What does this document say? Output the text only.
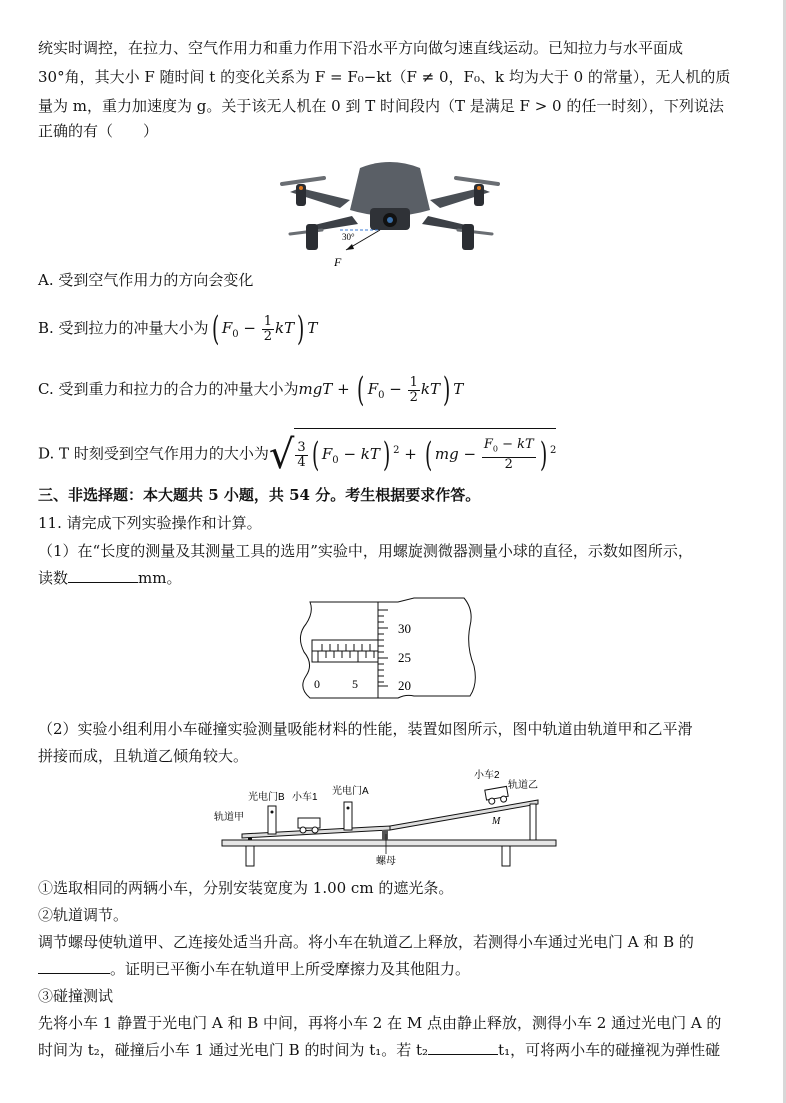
统实时调控，在拉力、空气作用力和重力作用下沿水平方向做匀速直线运动。已知拉力与水平面成
30°角，其大小 F 随时间 t 的变化关系为 F = F₀−kt（F ≠ 0，F₀、k 均为大于 0 的常量），无人机的质
量为 m，重力加速度为 g。关于该无人机在 0 到 T 时间段内（T 是满足 F > 0 的任一时刻），下列说法
正确的有（　　）
30°
F
A. 受到空气作用力的方向会变化
B. 受到拉力的冲量大小为( $F_0 - \frac{1}{2} kT$) T
C. 受到重力和拉力的合力的冲量大小为mgT + ( $F_0 - \frac{1}{2} kT$) T
D. T 时刻受到空气作用力的大小为√ $\frac{3}{4}$ ( $F_0 - kT$) $^2$ + ( mg − $\frac{F_0 - kT}{2}$ ) $^2$
三、非选择题：本大题共 5 小题，共 54 分。考生根据要求作答。
11. 请完成下列实验操作和计算。
（1）在“长度的测量及其测量工具的选用”实验中，用螺旋测微器测量小球的直径，示数如图所示，
读数	mm。
0	5
30
25
20
（2）实验小组利用小车碰撞实验测量吸能材料的性能，装置如图所示，图中轨道由轨道甲和乙平滑
拼接而成，且轨道乙倾角较大。
光电门B 小车1
光电门A
小车2
轨道乙
轨道甲	M
螺母
①选取相同的两辆小车，分别安装宽度为 1.00 cm 的遮光条。
②轨道调节。
调节螺母使轨道甲、乙连接处适当升高。将小车在轨道乙上释放，若测得小车通过光电门 A 和 B 的
。证明已平衡小车在轨道甲上所受摩擦力及其他阻力。
③碰撞测试
先将小车 1 静置于光电门 A 和 B 中间，再将小车 2 在 M 点由静止释放，测得小车 2 通过光电门 A 的
时间为 t₂，碰撞后小车 1 通过光电门 B 的时间为 t₁。若 t₂	t₁，可将两小车的碰撞视为弹性碰
